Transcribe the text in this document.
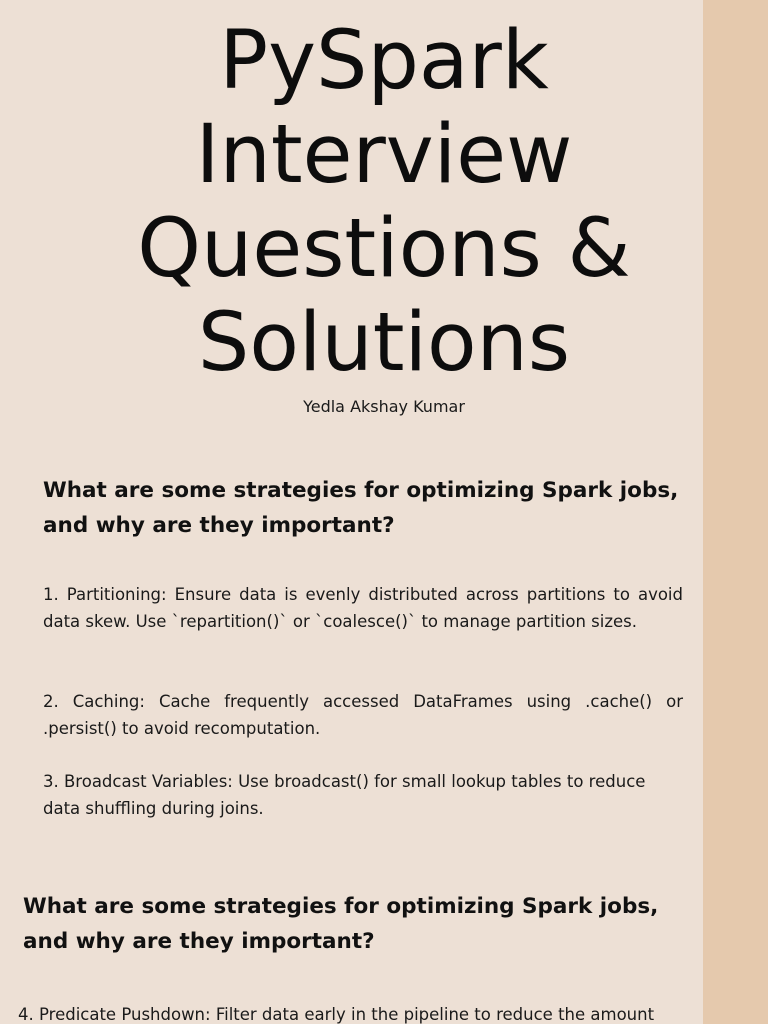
PySpark
Interview
Questions &
Solutions
Yedla Akshay Kumar
What are some strategies for optimizing Spark jobs, and why are they important?

1. Partitioning: Ensure data is evenly distributed across partitions to avoid data skew. Use `repartition()` or `coalesce()` to manage partition sizes.

2. Caching: Cache frequently accessed DataFrames using .cache() or .persist() to avoid recomputation.

3. Broadcast Variables: Use broadcast() for small lookup tables to reduce data shuffling during joins.

What are some strategies for optimizing Spark jobs, and why are they important?

4. Predicate Pushdown: Filter data early in the pipeline to reduce the amount
